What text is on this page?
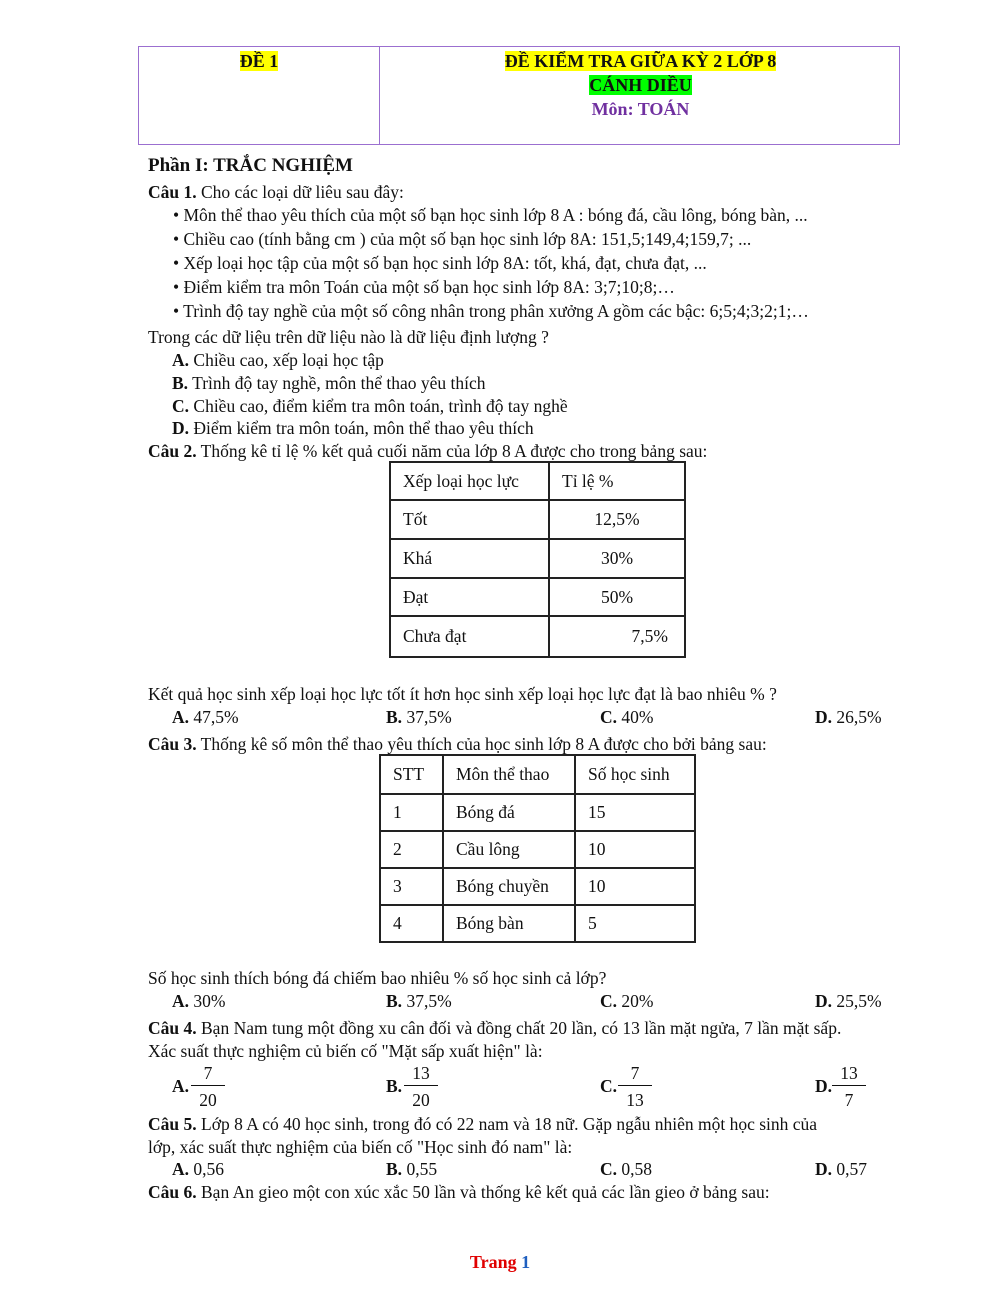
ĐỀ 1	ĐỀ KIỂM TRA GIỮA KỲ 2 LỚP 8
CÁNH DIỀU
Môn: TOÁN
Phần I: TRẮC NGHIỆM
Câu 1. Cho các loại dữ liêu sau đây:
• Môn thể thao yêu thích của một số bạn học sinh lớp 8 A : bóng đá, cầu lông, bóng bàn, ...
• Chiều cao (tính bằng cm ) của một số bạn học sinh lớp 8A: 151,5;149,4;159,7; ...
• Xếp loại học tập của một số bạn học sinh lớp 8A: tốt, khá, đạt, chưa đạt, ...
• Điểm kiểm tra môn Toán của một số bạn học sinh lớp 8A: 3;7;10;8;…
• Trình độ tay nghề của một số công nhân trong phân xưởng A gồm các bậc: 6;5;4;3;2;1;…
Trong các dữ liệu trên dữ liệu nào là dữ liệu định lượng ?
A. Chiều cao, xếp loại học tập
B. Trình độ tay nghề, môn thể thao yêu thích
C. Chiều cao, điểm kiểm tra môn toán, trình độ tay nghề
D. Điểm kiểm tra môn toán, môn thể thao yêu thích
Câu 2. Thống kê tỉ lệ % kết quả cuối năm của lớp 8 A được cho trong bảng sau:
Xếp loại học lực	Tỉ lệ %
Tốt	12,5%
Khá	30%
Đạt	50%
Chưa đạt	7,5%
Kết quả học sinh xếp loại học lực tốt ít hơn học sinh xếp loại học lực đạt là bao nhiêu % ?
A. 47,5%	B. 37,5%	C. 40%	D. 26,5%
Câu 3. Thống kê số môn thể thao yêu thích của học sinh lớp 8 A được cho bởi bảng sau:
STT	Môn thể thao	Số học sinh
1	Bóng đá	15
2	Cầu lông	10
3	Bóng chuyền	10
4	Bóng bàn	5
Số học sinh thích bóng đá chiếm bao nhiêu % số học sinh cả lớp?
A. 30%	B. 37,5%	C. 20%	D. 25,5%
Câu 4. Bạn Nam tung một đồng xu cân đối và đồng chất 20 lần, có 13 lần mặt ngửa, 7 lần mặt sấp.
Xác suất thực nghiệm củ biến cố "Mặt sấp xuất hiện" là:
A. $\frac{7}{20}$	B. $\frac{13}{20}$	C. $\frac{7}{13}$	D. $\frac{13}{7}$
Câu 5. Lớp 8 A có 40 học sinh, trong đó có 22 nam và 18 nữ. Gặp ngẫu nhiên một học sinh của
lớp, xác suất thực nghiệm của biến cố "Học sinh đó nam" là:
A. 0,56	B. 0,55	C. 0,58	D. 0,57
Câu 6. Bạn An gieo một con xúc xắc 50 lần và thống kê kết quả các lần gieo ở bảng sau:
Trang 1
